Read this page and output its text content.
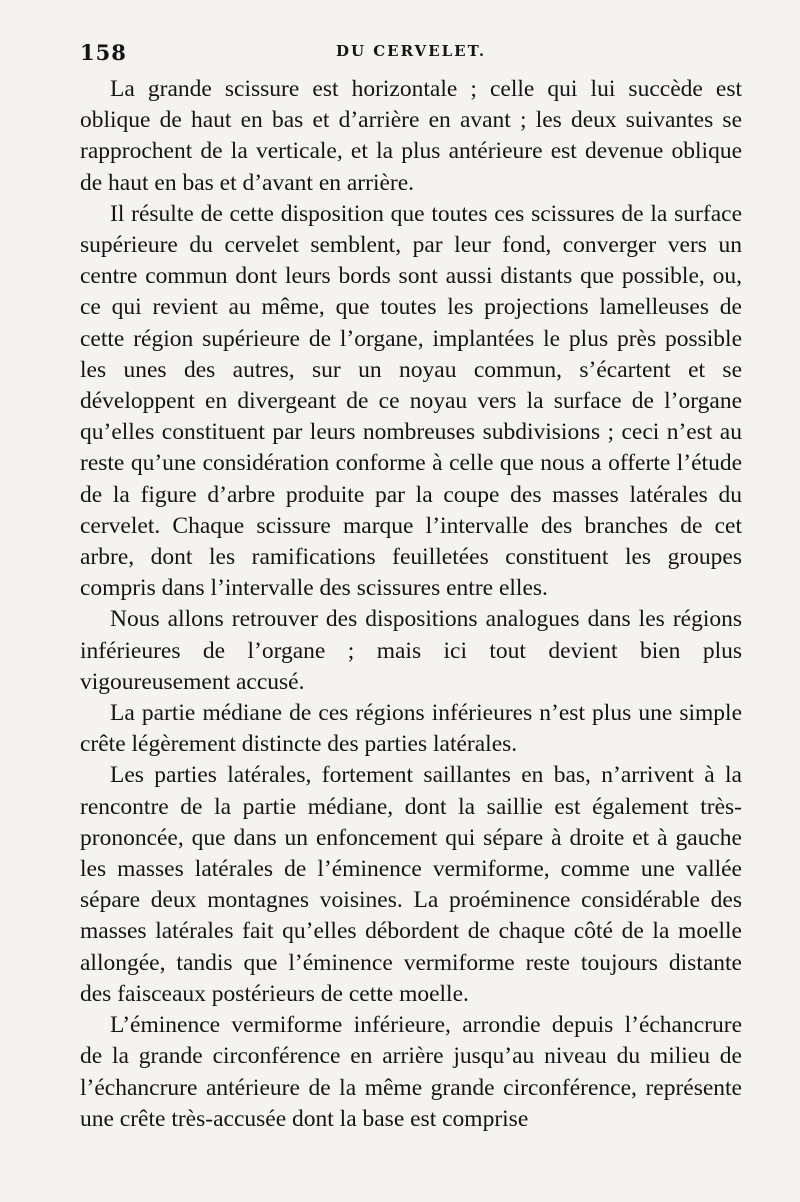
158	DU CERVELET.

La grande scissure est horizontale ; celle qui lui succède est oblique de haut en bas et d’arrière en avant ; les deux suivantes se rapprochent de la verticale, et la plus antérieure est devenue oblique de haut en bas et d’avant en arrière.

Il résulte de cette disposition que toutes ces scissures de la surface supérieure du cervelet semblent, par leur fond, converger vers un centre commun dont leurs bords sont aussi distants que possible, ou, ce qui revient au même, que toutes les projections lamelleuses de cette région supérieure de l’organe, implantées le plus près possible les unes des autres, sur un noyau commun, s’écartent et se développent en divergeant de ce noyau vers la surface de l’organe qu’elles constituent par leurs nombreuses subdivisions ; ceci n’est au reste qu’une considération conforme à celle que nous a offerte l’étude de la figure d’arbre produite par la coupe des masses latérales du cervelet. Chaque scissure marque l’intervalle des branches de cet arbre, dont les ramifications feuilletées constituent les groupes compris dans l’intervalle des scissures entre elles.

Nous allons retrouver des dispositions analogues dans les régions inférieures de l’organe ; mais ici tout devient bien plus vigoureusement accusé.

La partie médiane de ces régions inférieures n’est plus une simple crête légèrement distincte des parties latérales.

Les parties latérales, fortement saillantes en bas, n’arrivent à la rencontre de la partie médiane, dont la saillie est également très-prononcée, que dans un enfoncement qui sépare à droite et à gauche les masses latérales de l’éminence vermiforme, comme une vallée sépare deux montagnes voisines. La proéminence considérable des masses latérales fait qu’elles débordent de chaque côté de la moelle allongée, tandis que l’éminence vermiforme reste toujours distante des faisceaux postérieurs de cette moelle.

L’éminence vermiforme inférieure, arrondie depuis l’échancrure de la grande circonférence en arrière jusqu’au niveau du milieu de l’échancrure antérieure de la même grande circonférence, représente une crête très-accusée dont la base est comprise
